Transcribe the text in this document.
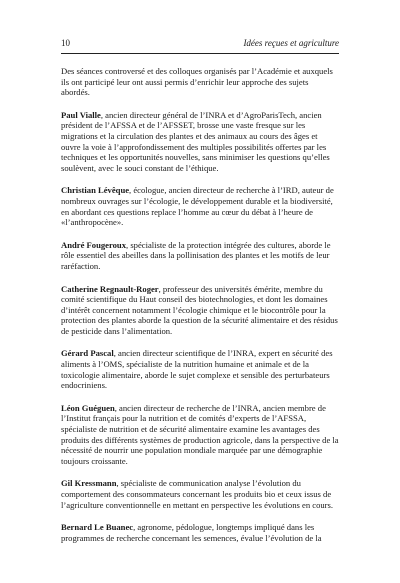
10	Idées reçues et agriculture

Des séances controversé et des colloques organisés par l’Académie et auxquels ils ont participé leur ont aussi permis d’enrichir leur approche des sujets abordés.

Paul Vialle, ancien directeur général de l’INRA et d’AgroParisTech, ancien président de l’AFSSA et de l’AFSSET, brosse une vaste fresque sur les migrations et la circulation des plantes et des animaux au cours des âges et ouvre la voie à l’approfondissement des multiples possibilités offertes par les techniques et les opportunités nouvelles, sans minimiser les questions qu’elles soulèvent, avec le souci constant de l’éthique.

Christian Lévêque, écologue, ancien directeur de recherche à l’IRD, auteur de nombreux ouvrages sur l’écologie, le développement durable et la biodiversité, en abordant ces questions replace l’homme au cœur du débat à l’heure de «l’anthropocène».

André Fougeroux, spécialiste de la protection intégrée des cultures, aborde le rôle essentiel des abeilles dans la pollinisation des plantes et les motifs de leur raréfaction.

Catherine Regnault-Roger, professeur des universités émérite, membre du comité scientifique du Haut conseil des biotechnologies, et dont les domaines d’intérêt concernent notamment l’écologie chimique et le biocontrôle pour la protection des plantes aborde la question de la sécurité alimentaire et des résidus de pesticide dans l’alimentation.

Gérard Pascal, ancien directeur scientifique de l’INRA, expert en sécurité des aliments à l’OMS, spécialiste de la nutrition humaine et animale et de la toxicologie alimentaire, aborde le sujet complexe et sensible des perturbateurs endocriniens.

Léon Guéguen, ancien directeur de recherche de l’INRA, ancien membre de l’Institut français pour la nutrition et de comités d’experts de l’AFSSA, spécialiste de nutrition et de sécurité alimentaire examine les avantages des produits des différents systèmes de production agricole, dans la perspective de la nécessité de nourrir une population mondiale marquée par une démographie toujours croissante.

Gil Kressmann, spécialiste de communication analyse l’évolution du comportement des consommateurs concernant les produits bio et ceux issus de l’agriculture conventionnelle en mettant en perspective les évolutions en cours.

Bernard Le Buanec, agronome, pédologue, longtemps impliqué dans les programmes de recherche concernant les semences, évalue l’évolution de la
